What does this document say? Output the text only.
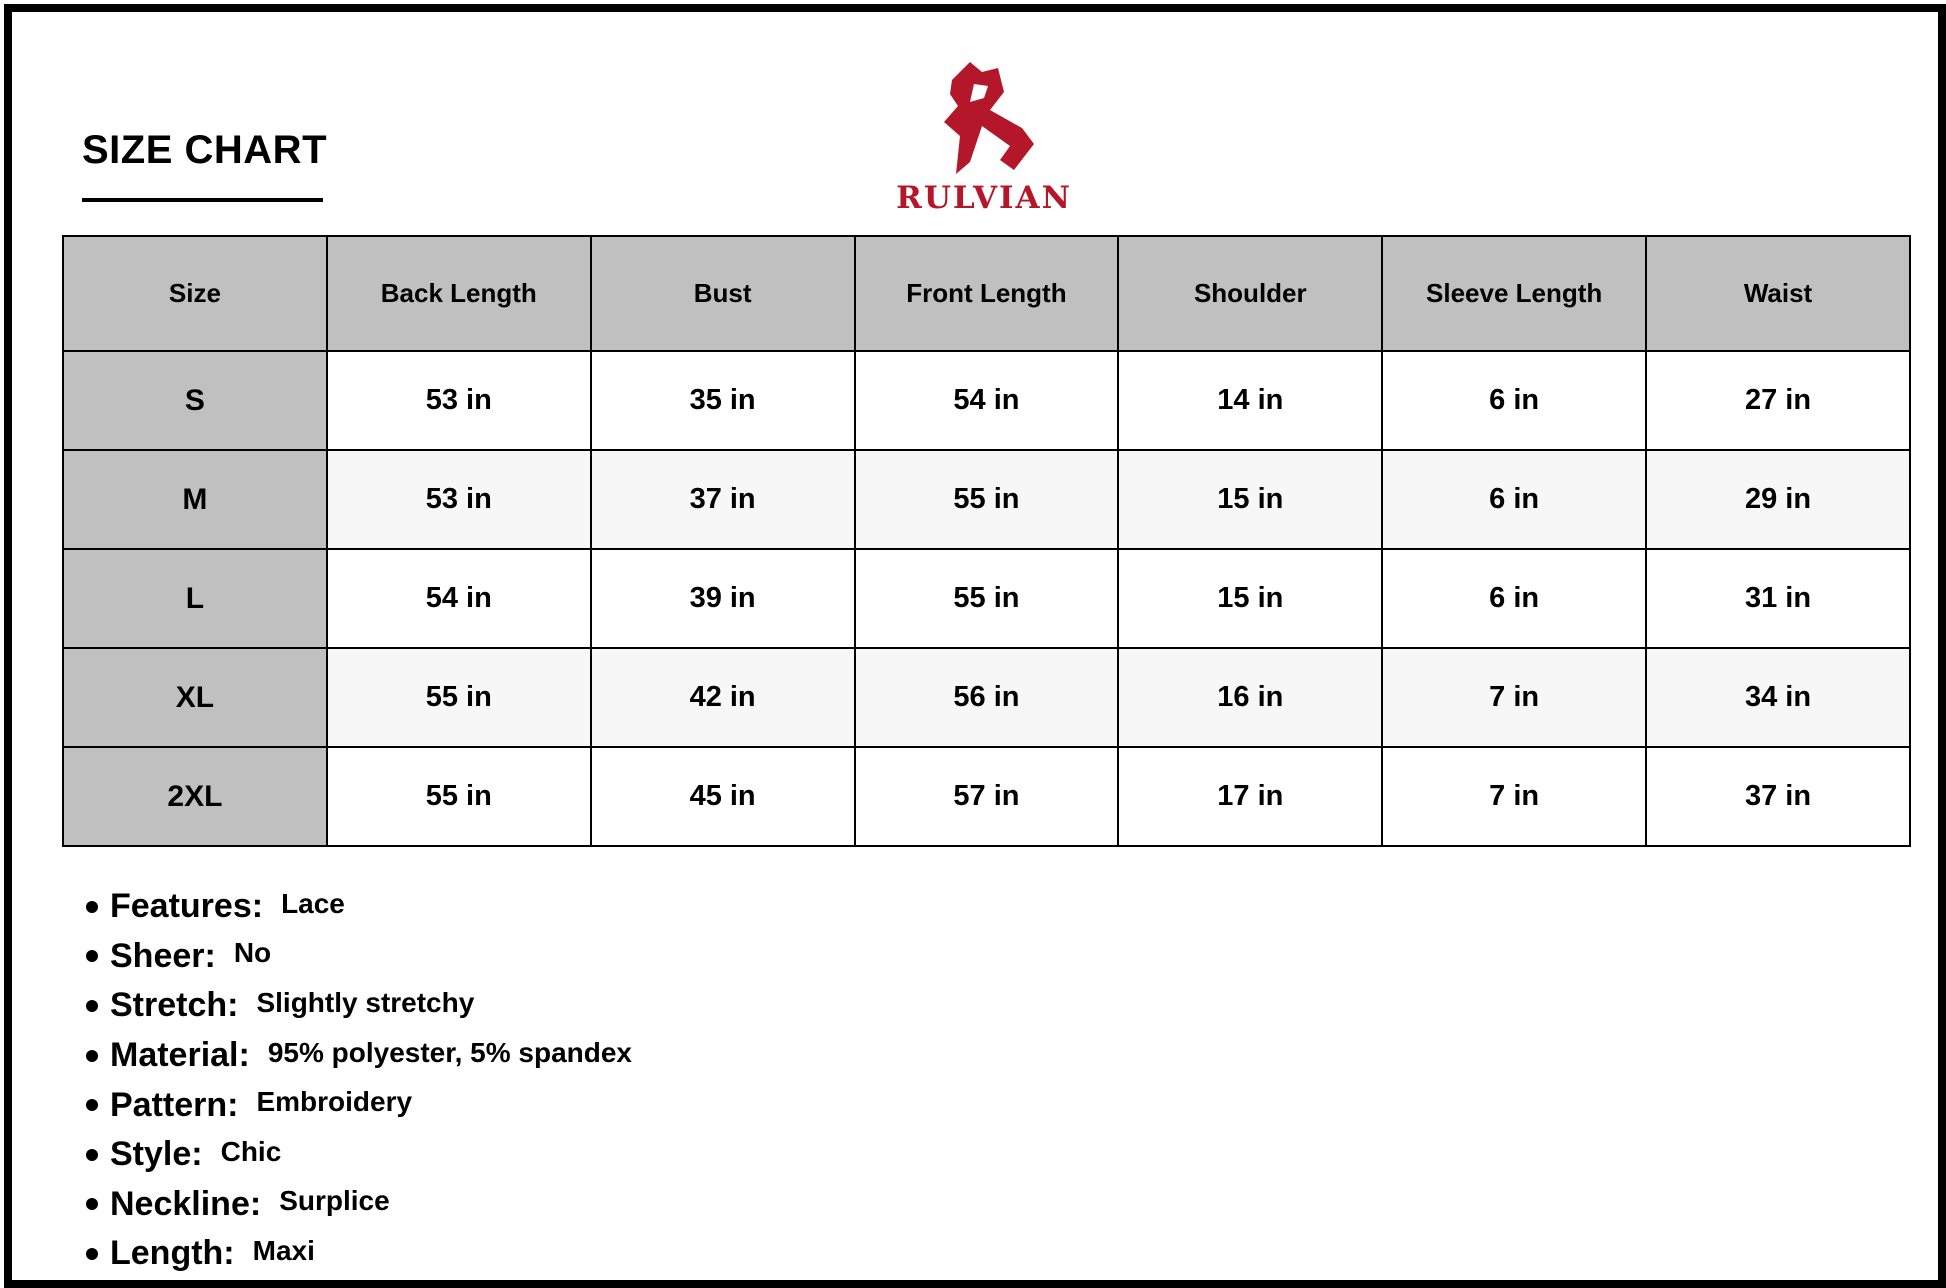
SIZE CHART
RULVIAN
Size	Back Length	Bust	Front Length	Shoulder	Sleeve Length	Waist
S	53 in	35 in	54 in	14 in	6 in	27 in
M	53 in	37 in	55 in	15 in	6 in	29 in
L	54 in	39 in	55 in	15 in	6 in	31 in
XL	55 in	42 in	56 in	16 in	7 in	34 in
2XL	55 in	45 in	57 in	17 in	7 in	37 in
Features: Lace
Sheer: No
Stretch: Slightly stretchy
Material: 95% polyester, 5% spandex
Pattern: Embroidery
Style: Chic
Neckline: Surplice
Length: Maxi
